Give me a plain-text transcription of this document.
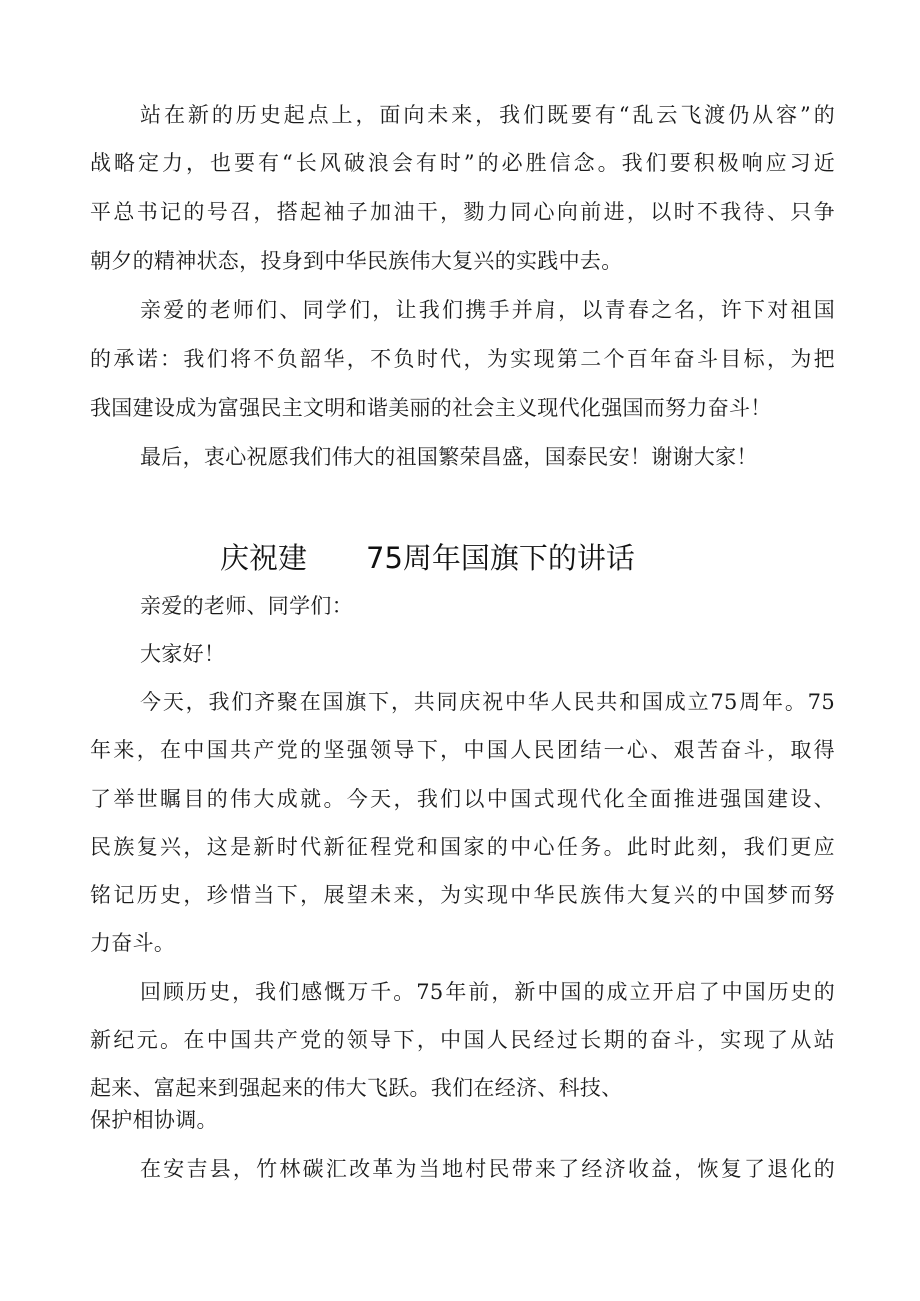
站在新的历史起点上，面向未来，我们既要有“乱云飞渡仍从容”的
战略定力，也要有“长风破浪会有时”的必胜信念。我们要积极响应习近
平总书记的号召，搭起袖子加油干，勠力同心向前进，以时不我待、只争
朝夕的精神状态，投身到中华民族伟大复兴的实践中去。
亲爱的老师们、同学们，让我们携手并肩，以青春之名，许下对祖国
的承诺：我们将不负韶华，不负时代，为实现第二个百年奋斗目标，为把
我国建设成为富强民主文明和谐美丽的社会主义现代化强国而努力奋斗！
最后，衷心祝愿我们伟大的祖国繁荣昌盛，国泰民安！谢谢大家！
庆祝建 75周年国旗下的讲话
亲爱的老师、同学们：
大家好！
今天，我们齐聚在国旗下，共同庆祝中华人民共和国成立75周年。75
年来，在中国共产党的坚强领导下，中国人民团结一心、艰苦奋斗，取得
了举世瞩目的伟大成就。今天，我们以中国式现代化全面推进强国建设、
民族复兴，这是新时代新征程党和国家的中心任务。此时此刻，我们更应
铭记历史，珍惜当下，展望未来，为实现中华民族伟大复兴的中国梦而努
力奋斗。
回顾历史，我们感慨万千。75年前，新中国的成立开启了中国历史的
新纪元。在中国共产党的领导下，中国人民经过长期的奋斗，实现了从站
起来、富起来到强起来的伟大飞跃。我们在经济、科技、
保护相协调。
在安吉县，竹林碳汇改革为当地村民带来了经济收益，恢复了退化的
